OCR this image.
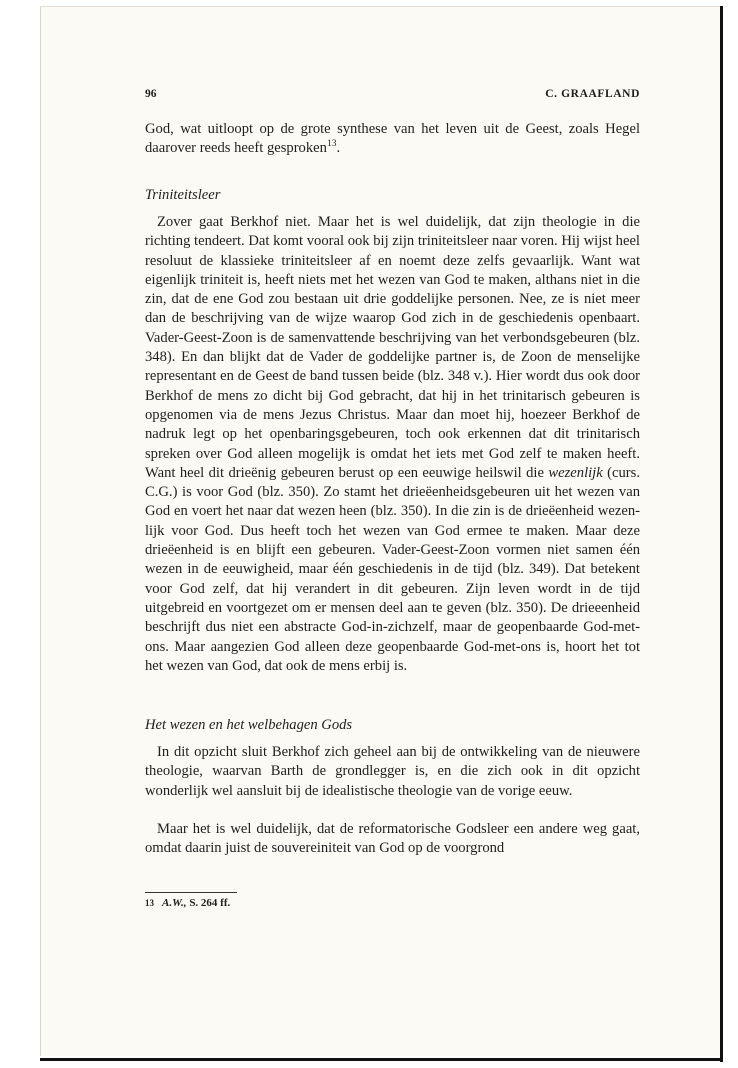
96	C. GRAAFLAND
God, wat uitloopt op de grote synthese van het leven uit de Geest, zoals Hegel daarover reeds heeft gesproken$^{13}$.
Triniteitsleer
Zover gaat Berkhof niet. Maar het is wel duidelijk, dat zijn theologie in die richting tendeert. Dat komt vooral ook bij zijn triniteitsleer naar voren. Hij wijst heel resoluut de klassieke triniteitsleer af en noemt deze zelfs gevaarlijk. Want wat eigenlijk triniteit is, heeft niets met het wezen van God te maken, althans niet in die zin, dat de ene God zou bestaan uit drie goddelijke personen. Nee, ze is niet meer dan de beschrijving van de wijze waarop God zich in de geschiedenis openbaart. Vader-Geest-Zoon is de samenvattende beschrijving van het verbondsgebeuren (blz. 348). En dan blijkt dat de Vader de goddelijke partner is, de Zoon de menselijke representant en de Geest de band tussen beide (blz. 348 v.). Hier wordt dus ook door Berkhof de mens zo dicht bij God gebracht, dat hij in het trinitarisch gebeuren is opgenomen via de mens Jezus Christus. Maar dan moet hij, hoezeer Berkhof de nadruk legt op het openbaringsgebeuren, toch ook erkennen dat dit trinitarisch spreken over God alleen mogelijk is omdat het iets met God zelf te maken heeft. Want heel dit drieënig gebeuren berust op een eeuwige heilswil die wezenlijk (curs. C.G.) is voor God (blz. 350). Zo stamt het drieëenheidsgebeuren uit het wezen van God en voert het naar dat wezen heen (blz. 350). In die zin is de drieëenheid wezen-lijk voor God. Dus heeft toch het wezen van God ermee te maken. Maar deze drieëenheid is en blijft een gebeuren. Vader-Geest-Zoon vormen niet samen één wezen in de eeuwigheid, maar één geschiedenis in de tijd (blz. 349). Dat betekent voor God zelf, dat hij verandert in dit gebeuren. Zijn leven wordt in de tijd uitgebreid en voortgezet om er mensen deel aan te geven (blz. 350). De drieeenheid beschrijft dus niet een abstracte God-in-zichzelf, maar de geopenbaarde God-met-ons. Maar aangezien God alleen deze geopenbaarde God-met-ons is, hoort het tot het wezen van God, dat ook de mens erbij is.
Het wezen en het welbehagen Gods
In dit opzicht sluit Berkhof zich geheel aan bij de ontwikkeling van de nieuwere theologie, waarvan Barth de grondlegger is, en die zich ook in dit opzicht wonderlijk wel aansluit bij de idealistische theologie van de vorige eeuw.
Maar het is wel duidelijk, dat de reformatorische Godsleer een andere weg gaat, omdat daarin juist de souvereiniteit van God op de voorgrond
13 A.W., S. 264 ff.
